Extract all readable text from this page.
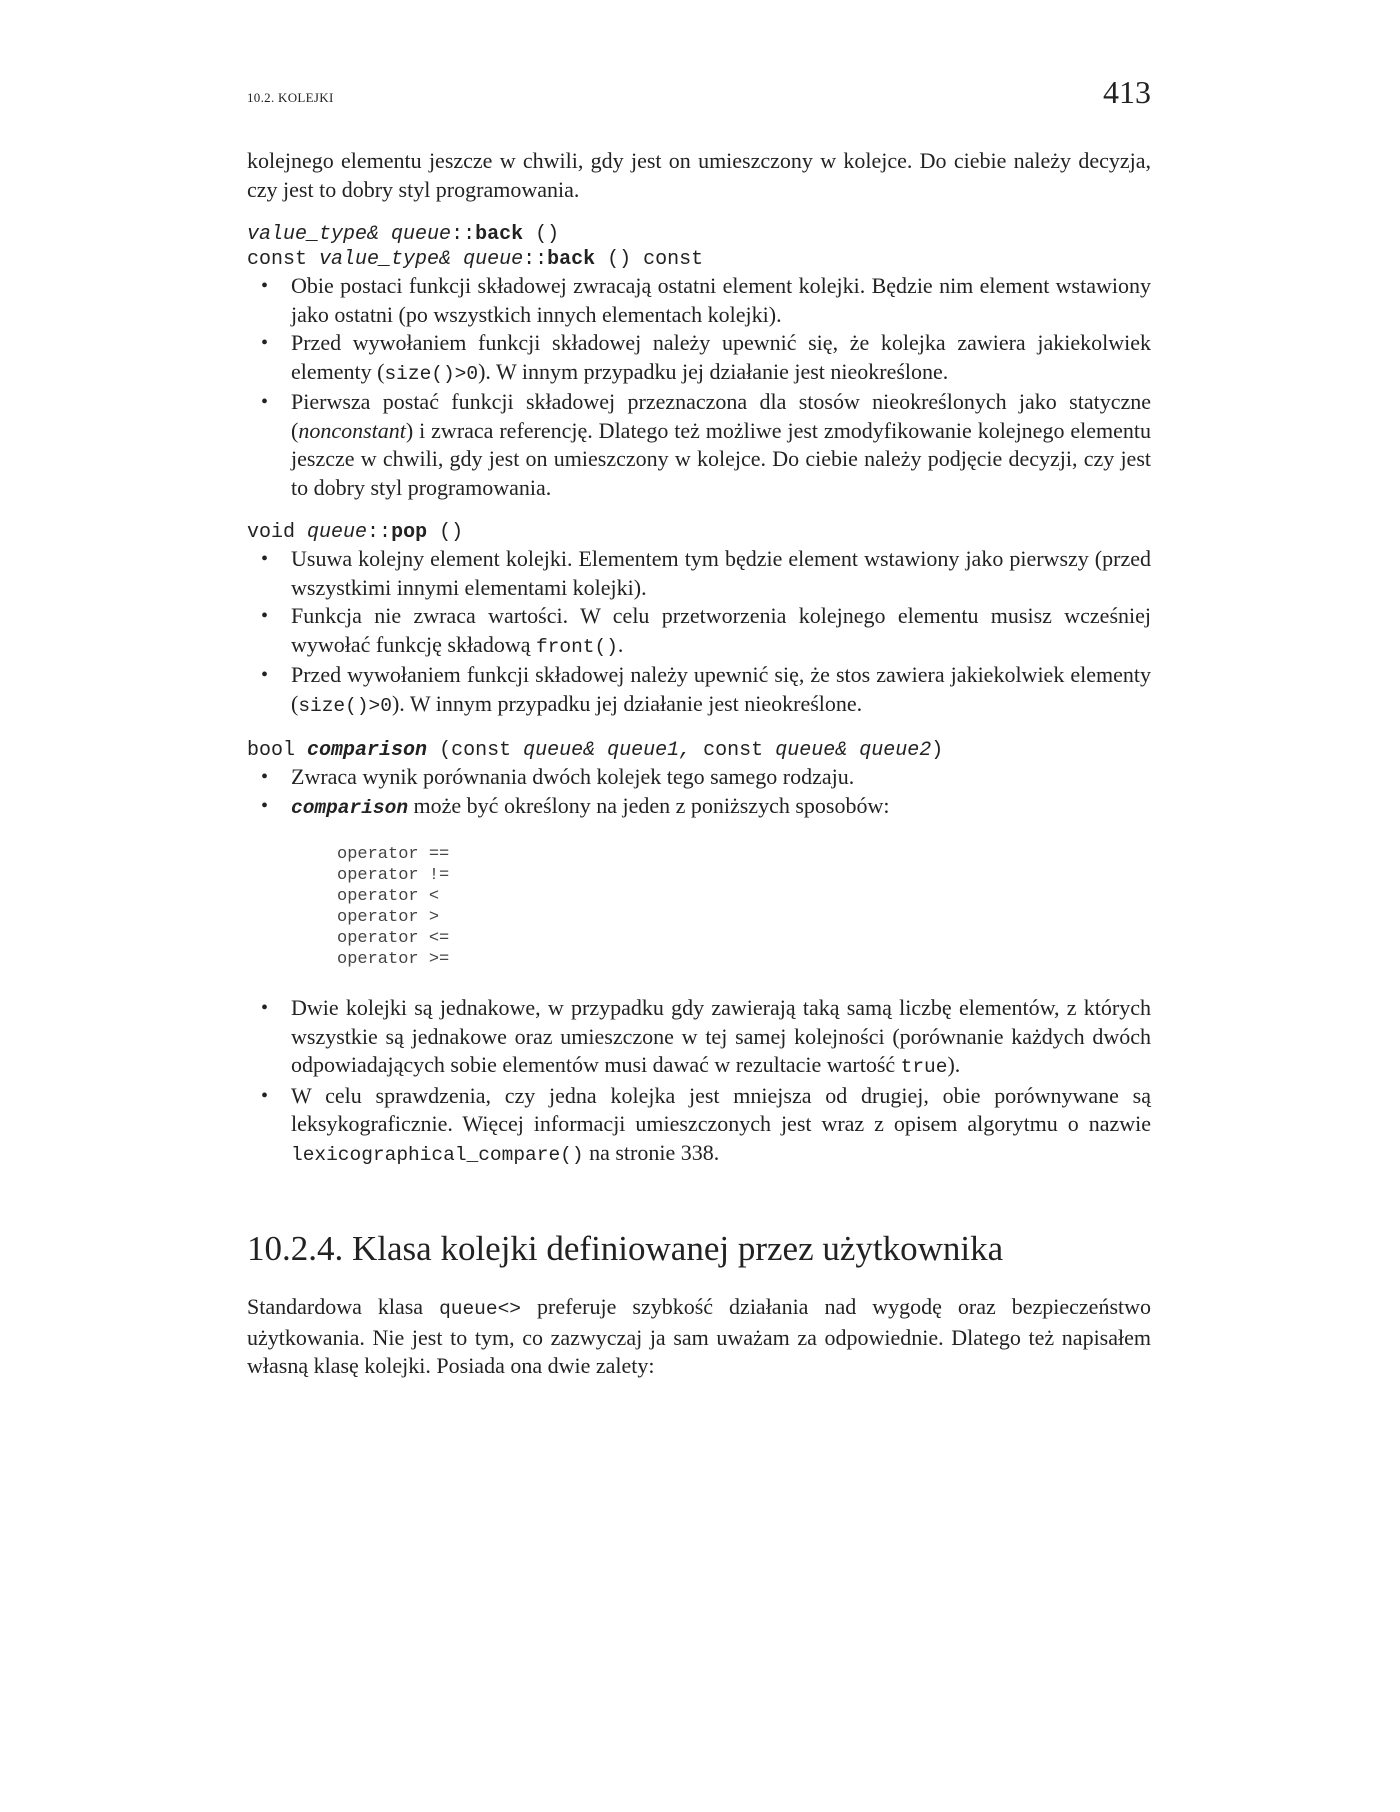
10.2. KOLEJKI	413

kolejnego elementu jeszcze w chwili, gdy jest on umieszczony w kolejce. Do ciebie należy decyzja, czy jest to dobry styl programowania.

value_type& queue::back ()
const value_type& queue::back () const
• Obie postaci funkcji składowej zwracają ostatni element kolejki. Będzie nim element wstawiony jako ostatni (po wszystkich innych elementach kolejki).
• Przed wywołaniem funkcji składowej należy upewnić się, że kolejka zawiera jakiekolwiek elementy (size()>0). W innym przypadku jej działanie jest nieokreślone.
• Pierwsza postać funkcji składowej przeznaczona dla stosów nieokreślonych jako statyczne (nonconstant) i zwraca referencję. Dlatego też możliwe jest zmodyfikowanie kolejnego elementu jeszcze w chwili, gdy jest on umieszczony w kolejce. Do ciebie należy podjęcie decyzji, czy jest to dobry styl programowania.
void queue::pop ()
• Usuwa kolejny element kolejki. Elementem tym będzie element wstawiony jako pierwszy (przed wszystkimi innymi elementami kolejki).
• Funkcja nie zwraca wartości. W celu przetworzenia kolejnego elementu musisz wcześniej wywołać funkcję składową front().
• Przed wywołaniem funkcji składowej należy upewnić się, że stos zawiera jakiekolwiek elementy (size()>0). W innym przypadku jej działanie jest nieokreślone.
bool comparison (const queue& queue1, const queue& queue2)
• Zwraca wynik porównania dwóch kolejek tego samego rodzaju.
• comparison może być określony na jeden z poniższych sposobów:
operator ==
operator !=
operator <
operator >
operator <=
operator >=
• Dwie kolejki są jednakowe, w przypadku gdy zawierają taką samą liczbę elementów, z których wszystkie są jednakowe oraz umieszczone w tej samej kolejności (porównanie każdych dwóch odpowiadających sobie elementów musi dawać w rezultacie wartość true).
• W celu sprawdzenia, czy jedna kolejka jest mniejsza od drugiej, obie porównywane są leksykograficznie. Więcej informacji umieszczonych jest wraz z opisem algorytmu o nazwie lexicographical_compare() na stronie 338.
10.2.4. Klasa kolejki definiowanej przez użytkownika

Standardowa klasa queue<> preferuje szybkość działania nad wygodę oraz bezpieczeństwo użytkowania. Nie jest to tym, co zazwyczaj ja sam uważam za odpowiednie. Dlatego też napisałem własną klasę kolejki. Posiada ona dwie zalety:
